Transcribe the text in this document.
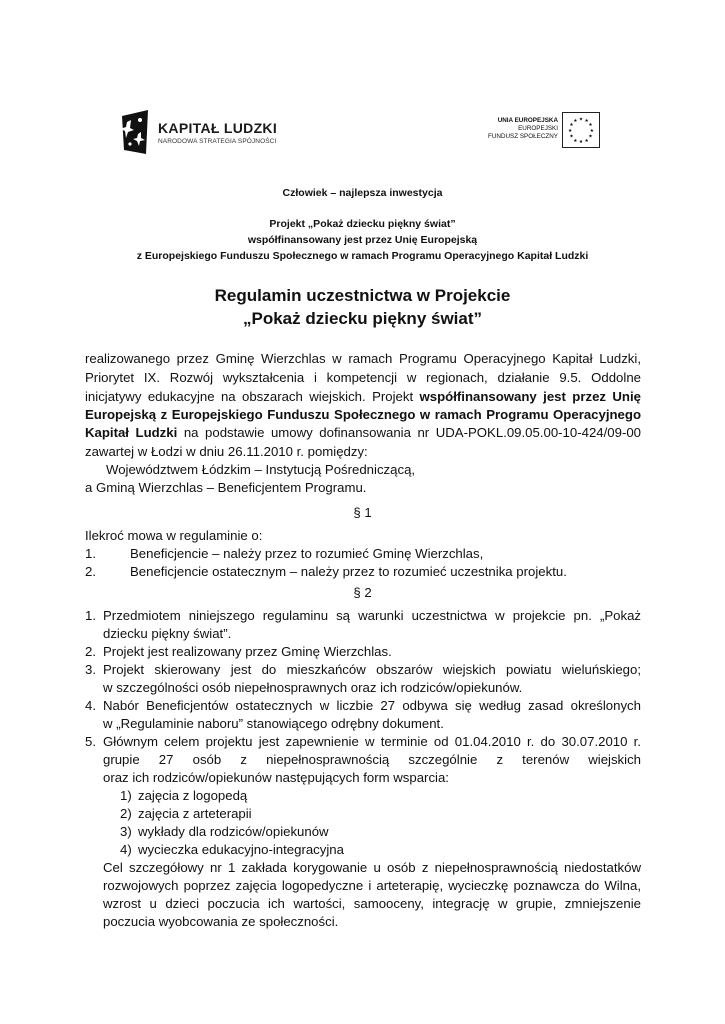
KAPITAŁ LUDZKI
NARODOWA STRATEGIA SPÓJNOŚCI
UNIA EUROPEJSKA
EUROPEJSKI
FUNDUSZ SPOŁECZNY
★ ★
★
★
★
★
★
★
★
★
★
★
Człowiek – najlepsza inwestycja
Projekt „Pokaż dziecku piękny świat”
współfinansowany jest przez Unię Europejską
z Europejskiego Funduszu Społecznego w ramach Programu Operacyjnego Kapitał Ludzki
Regulamin uczestnictwa w Projekcie
„Pokaż dziecku piękny świat”
realizowanego przez Gminę Wierzchlas w ramach Programu Operacyjnego Kapitał Ludzki,
Priorytet IX. Rozwój wykształcenia i kompetencji w regionach, działanie 9.5. Oddolne
inicjatywy edukacyjne na obszarach wiejskich. Projekt współfinansowany jest przez Unię
Europejską z Europejskiego Funduszu Społecznego w ramach Programu Operacyjnego
Kapitał Ludzki na podstawie umowy dofinansowania nr UDA-POKL.09.05.00-10-424/09-00
zawartej w Łodzi w dniu 26.11.2010 r. pomiędzy:
Województwem Łódzkim – Instytucją Pośredniczącą,
a Gminą Wierzchlas – Beneficjentem Programu.
§ 1
Ilekroć mowa w regulaminie o:
1.	Beneficjencie – należy przez to rozumieć Gminę Wierzchlas,
2.	Beneficjencie ostatecznym – należy przez to rozumieć uczestnika projektu.
§ 2
1. Przedmiotem niniejszego regulaminu są warunki uczestnictwa w projekcie pn. „Pokaż
dziecku piękny świat”.
2. Projekt jest realizowany przez Gminę Wierzchlas.
3. Projekt skierowany jest do mieszkańców obszarów wiejskich powiatu wieluńskiego;
w szczególności osób niepełnosprawnych oraz ich rodziców/opiekunów.
4. Nabór Beneficjentów ostatecznych w liczbie 27 odbywa się według zasad określonych
w „Regulaminie naboru” stanowiącego odrębny dokument.
5. Głównym celem projektu jest zapewnienie w terminie od 01.04.2010 r. do 30.07.2010 r.
grupie 27 osób z niepełnosprawnością szczególnie z terenów wiejskich
oraz ich rodziców/opiekunów następujących form wsparcia:
1) zajęcia z logopedą
2) zajęcia z arteterapii
3) wykłady dla rodziców/opiekunów
4) wycieczka edukacyjno-integracyjna
Cel szczegółowy nr 1 zakłada korygowanie u osób z niepełnosprawnością niedostatków
rozwojowych poprzez zajęcia logopedyczne i arteterapię, wycieczkę poznawcza do Wilna,
wzrost u dzieci poczucia ich wartości, samooceny, integrację w grupie, zmniejszenie
poczucia wyobcowania ze społeczności.
